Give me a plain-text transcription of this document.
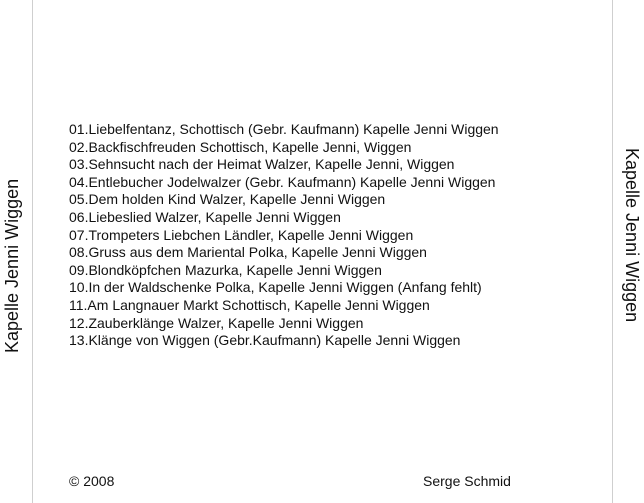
Kapelle Jenni Wiggen	Kapelle Jenni Wiggen
01.Liebelfentanz, Schottisch (Gebr. Kaufmann) Kapelle Jenni Wiggen
02.Backfischfreuden Schottisch, Kapelle Jenni, Wiggen
03.Sehnsucht nach der Heimat Walzer, Kapelle Jenni, Wiggen
04.Entlebucher Jodelwalzer (Gebr. Kaufmann) Kapelle Jenni Wiggen
05.Dem holden Kind Walzer, Kapelle Jenni Wiggen
06.Liebeslied Walzer, Kapelle Jenni Wiggen
07.Trompeters Liebchen Ländler, Kapelle Jenni Wiggen
08.Gruss aus dem Mariental Polka, Kapelle Jenni Wiggen
09.Blondköpfchen Mazurka, Kapelle Jenni Wiggen
10.In der Waldschenke Polka, Kapelle Jenni Wiggen (Anfang fehlt)
11.Am Langnauer Markt Schottisch, Kapelle Jenni Wiggen
12.Zauberklänge Walzer, Kapelle Jenni Wiggen
13.Klänge von Wiggen (Gebr.Kaufmann) Kapelle Jenni Wiggen
© 2008	Serge Schmid
